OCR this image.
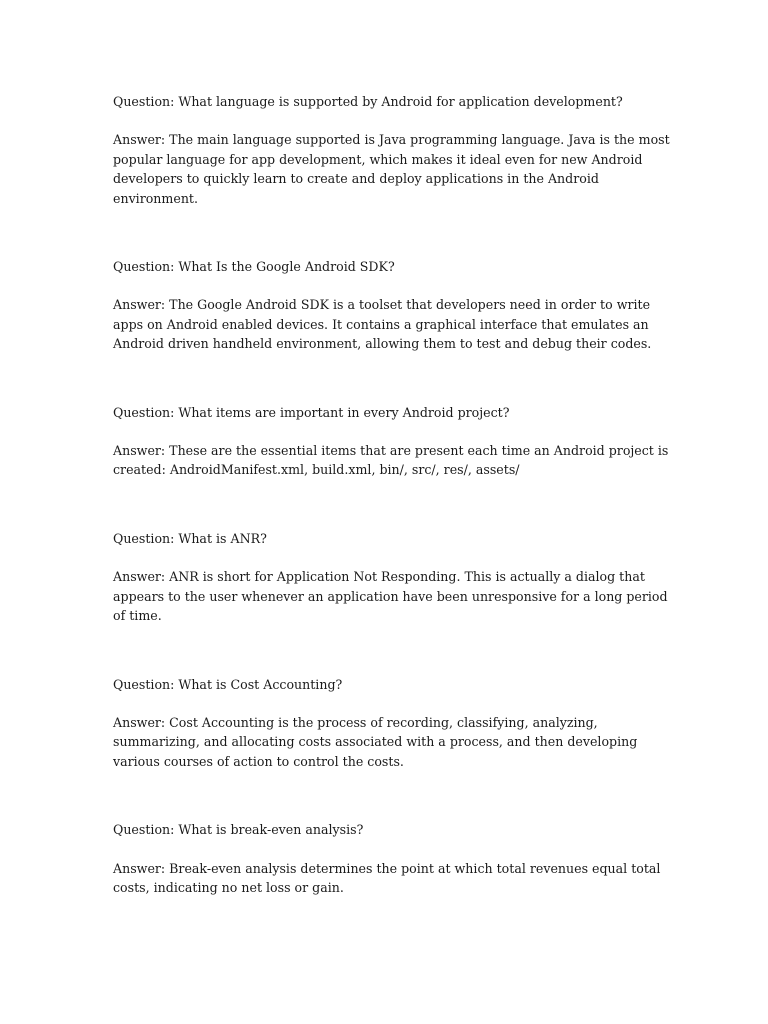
Question: What language is supported by Android for application development?

Answer: The main language supported is Java programming language. Java is the most popular language for app development, which makes it ideal even for new Android developers to quickly learn to create and deploy applications in the Android environment.

Question: What Is the Google Android SDK?

Answer: The Google Android SDK is a toolset that developers need in order to write apps on Android enabled devices. It contains a graphical interface that emulates an Android driven handheld environment, allowing them to test and debug their codes.

Question: What items are important in every Android project?

Answer: These are the essential items that are present each time an Android project is created: AndroidManifest.xml, build.xml, bin/, src/, res/, assets/

Question: What is ANR?

Answer: ANR is short for Application Not Responding. This is actually a dialog that appears to the user whenever an application have been unresponsive for a long period of time.

Question: What is Cost Accounting?

Answer: Cost Accounting is the process of recording, classifying, analyzing, summarizing, and allocating costs associated with a process, and then developing various courses of action to control the costs.

Question: What is break-even analysis?

Answer: Break-even analysis determines the point at which total revenues equal total costs, indicating no net loss or gain.
